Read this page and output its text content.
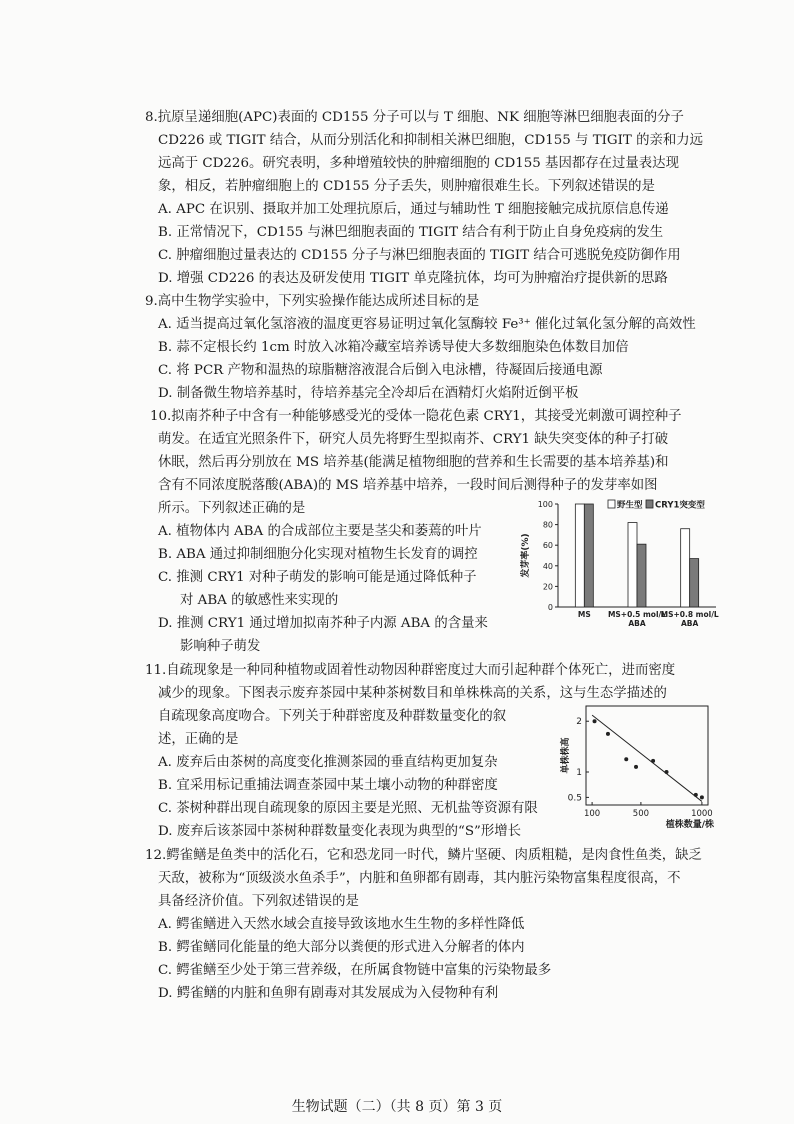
8.抗原呈递细胞(APC)表面的 CD155 分子可以与 T 细胞、NK 细胞等淋巴细胞表面的分子
CD226 或 TIGIT 结合，从而分别活化和抑制相关淋巴细胞，CD155 与 TIGIT 的亲和力远
远高于 CD226。研究表明，多种增殖较快的肿瘤细胞的 CD155 基因都存在过量表达现
象，相反，若肿瘤细胞上的 CD155 分子丢失，则肿瘤很难生长。下列叙述错误的是
A. APC 在识别、摄取并加工处理抗原后，通过与辅助性 T 细胞接触完成抗原信息传递
B. 正常情况下，CD155 与淋巴细胞表面的 TIGIT 结合有利于防止自身免疫病的发生
C. 肿瘤细胞过量表达的 CD155 分子与淋巴细胞表面的 TIGIT 结合可逃脱免疫防御作用
D. 增强 CD226 的表达及研发使用 TIGIT 单克隆抗体，均可为肿瘤治疗提供新的思路
9.高中生物学实验中，下列实验操作能达成所述目标的是
A. 适当提高过氧化氢溶液的温度更容易证明过氧化氢酶较 Fe³⁺ 催化过氧化氢分解的高效性
B. 蒜不定根长约 1cm 时放入冰箱冷藏室培养诱导使大多数细胞染色体数目加倍
C. 将 PCR 产物和温热的琼脂糖溶液混合后倒入电泳槽，待凝固后接通电源
D. 制备微生物培养基时，待培养基完全冷却后在酒精灯火焰附近倒平板
10.拟南芥种子中含有一种能够感受光的受体一隐花色素 CRY1，其接受光刺激可调控种子
萌发。在适宜光照条件下，研究人员先将野生型拟南芥、CRY1 缺失突变体的种子打破
休眠，然后再分别放在 MS 培养基(能满足植物细胞的营养和生长需要的基本培养基)和
含有不同浓度脱落酸(ABA)的 MS 培养基中培养，一段时间后测得种子的发芽率如图
所示。下列叙述正确的是
A. 植物体内 ABA 的合成部位主要是茎尖和萎蔫的叶片
B. ABA 通过抑制细胞分化实现对植物生长发育的调控
C. 推测 CRY1 对种子萌发的影响可能是通过降低种子
对 ABA 的敏感性来实现的
D. 推测 CRY1 通过增加拟南芥种子内源 ABA 的含量来
影响种子萌发
0
20
40
60
80
100
发芽率(%)
MS MS+0.5 mol/L
ABA
MS+0.8 mol/L
ABA
野生型 CRY1突变型
11.自疏现象是一种同种植物或固着性动物因种群密度过大而引起种群个体死亡，进而密度
减少的现象。下图表示废弃茶园中某种茶树数目和单株株高的关系，这与生态学描述的
自疏现象高度吻合。下列关于种群密度及种群数量变化的叙
述，正确的是
A. 废弃后由茶树的高度变化推测茶园的垂直结构更加复杂
B. 宜采用标记重捕法调查茶园中某土壤小动物的种群密度
C. 茶树种群出现自疏现象的原因主要是光照、无机盐等资源有限
D. 废弃后该茶园中茶树种群数量变化表现为典型的“S”形增长
0.5
1
2
100	500	1000
植株数量/株
单株株高
12.鳄雀鳝是鱼类中的活化石，它和恐龙同一时代，鳞片坚硬、肉质粗糙，是肉食性鱼类，缺乏
天敌，被称为“顶级淡水鱼杀手”，内脏和鱼卵都有剧毒，其内脏污染物富集程度很高，不
具备经济价值。下列叙述错误的是
A. 鳄雀鳝进入天然水域会直接导致该地水生生物的多样性降低
B. 鳄雀鳝同化能量的绝大部分以粪便的形式进入分解者的体内
C. 鳄雀鳝至少处于第三营养级，在所属食物链中富集的污染物最多
D. 鳄雀鳝的内脏和鱼卵有剧毒对其发展成为入侵物种有利
生物试题（二）（共 8 页）第 3 页
